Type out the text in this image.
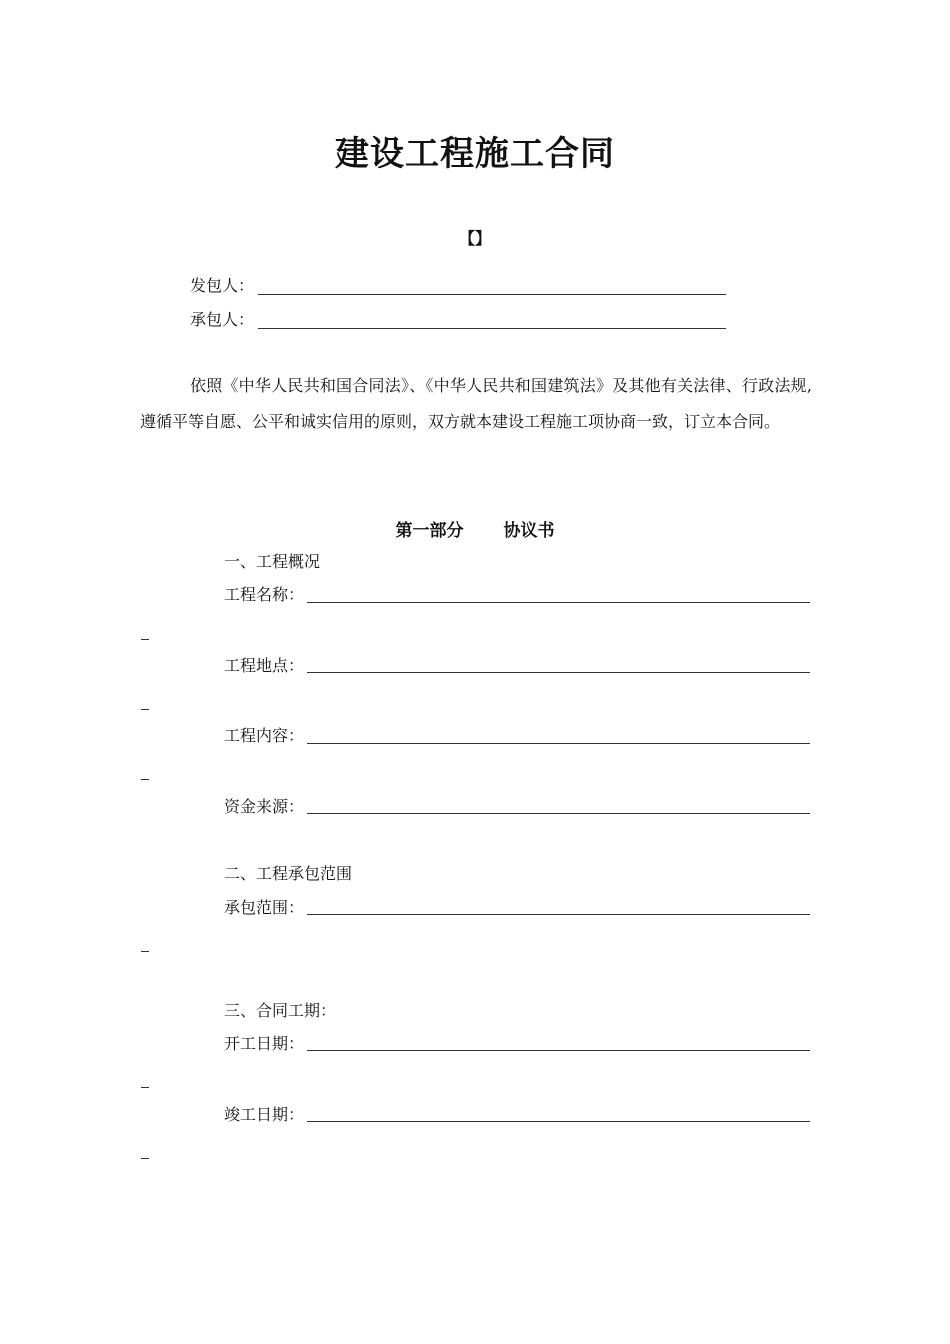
建设工程施工合同
【】
发包人：
承包人：
依照《中华人民共和国合同法》、《中华人民共和国建筑法》及其他有关法律、行政法规,遵循平等自愿、公平和诚实信用的原则，双方就本建设工程施工项协商一致，订立本合同。
第一部分 协议书
一、工程概况
工程名称：
工程地点：
工程内容：
资金来源：
二、工程承包范围
承包范围：
三、合同工期：
开工日期：
竣工日期：
